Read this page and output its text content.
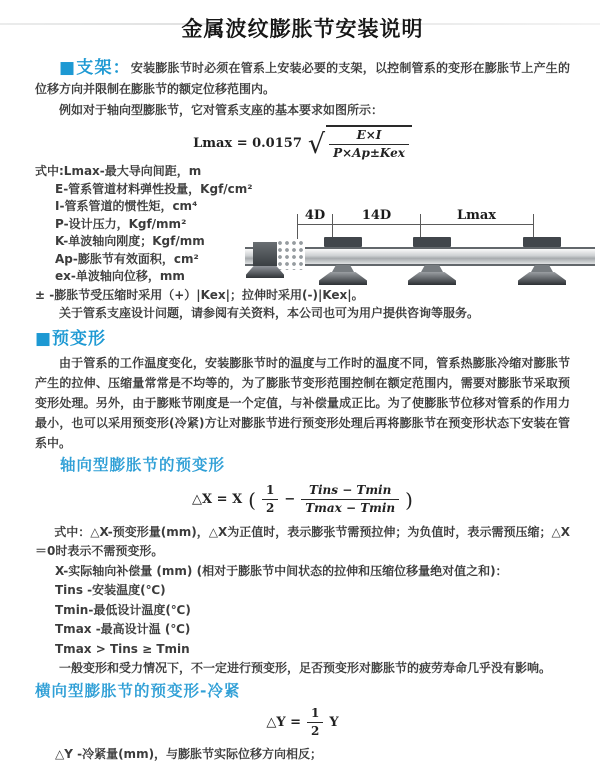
金属波纹膨胀节安装说明

■支架：安装膨胀节时必须在管系上安装必要的支架，以控制管系的变形在膨胀节上产生的位移方向并限制在膨胀节的额定位移范围内。

例如对于轴向型膨胀节，它对管系支座的基本要求如图所示：

Lmax = 0.0157 √ $\frac{E\times I}{\text{P×Ap±Kex}}$

式中:Lmax-最大导向间距，m

E-管系管道材料弹性投量，Kgf/cm²

I-管系管道的惯性矩，cm⁴

P-设计压力，Kgf/mm²

K-单波轴向刚度；Kgf/mm

Ap-膨胀节有效面积，cm²

ex-单波轴向位移，mm

± -膨胀节受压缩时采用（+）|Kex|；拉伸时采用(-)|Kex|。

关于管系支座设计问题，请参阅有关资料，本公司也可为用户提供咨询等服务。

■预变形

由于管系的工作温度变化，安装膨胀节时的温度与工作时的温度不同，管系热膨胀冷缩对膨胀节产生的拉伸、压缩量常常是不均等的，为了膨胀节变形范围控制在额定范围内，需要对膨胀节采取预变形处理。另外，由于膨账节刚度是一个定值，与补偿量成正比。为了使膨胀节位移对管系的作用力最小，也可以采用预变形(冷紧)方让对膨胀节进行预变形处理后再将膨胀节在预变形状态下安装在管系中。

轴向型膨胀节的预变形

△X = X ( $\frac{1}{2} - \frac{\text{Tins − Tmin}}{Tmax - Tmin}$ )

式中：△X-预变形量(mm)，△X为正值时，表示膨张节需预拉伸；为负值时，表示需预压缩；△X＝0时表示不需预变形。

X-实际轴向补偿量 (mm) (相对于膨胀节中间状态的拉伸和压缩位移量绝对值之和)：

Tins -安装温度(℃)

Tmin-最低设计温度(℃)

Tmax -最高设计温 (℃)

Tmax > Tins ≥ Tmin

一般变形和受力情况下，不一定进行预变形，足否预变形对膨胀节的疲劳寿命几乎没有影响。

横向型膨胀节的预变形-冷紧

△Y = $\frac{1}{2}$ Y

△Y -冷紧量(mm)，与膨胀节实际位移方向相反；

4D	14D	Lmax
